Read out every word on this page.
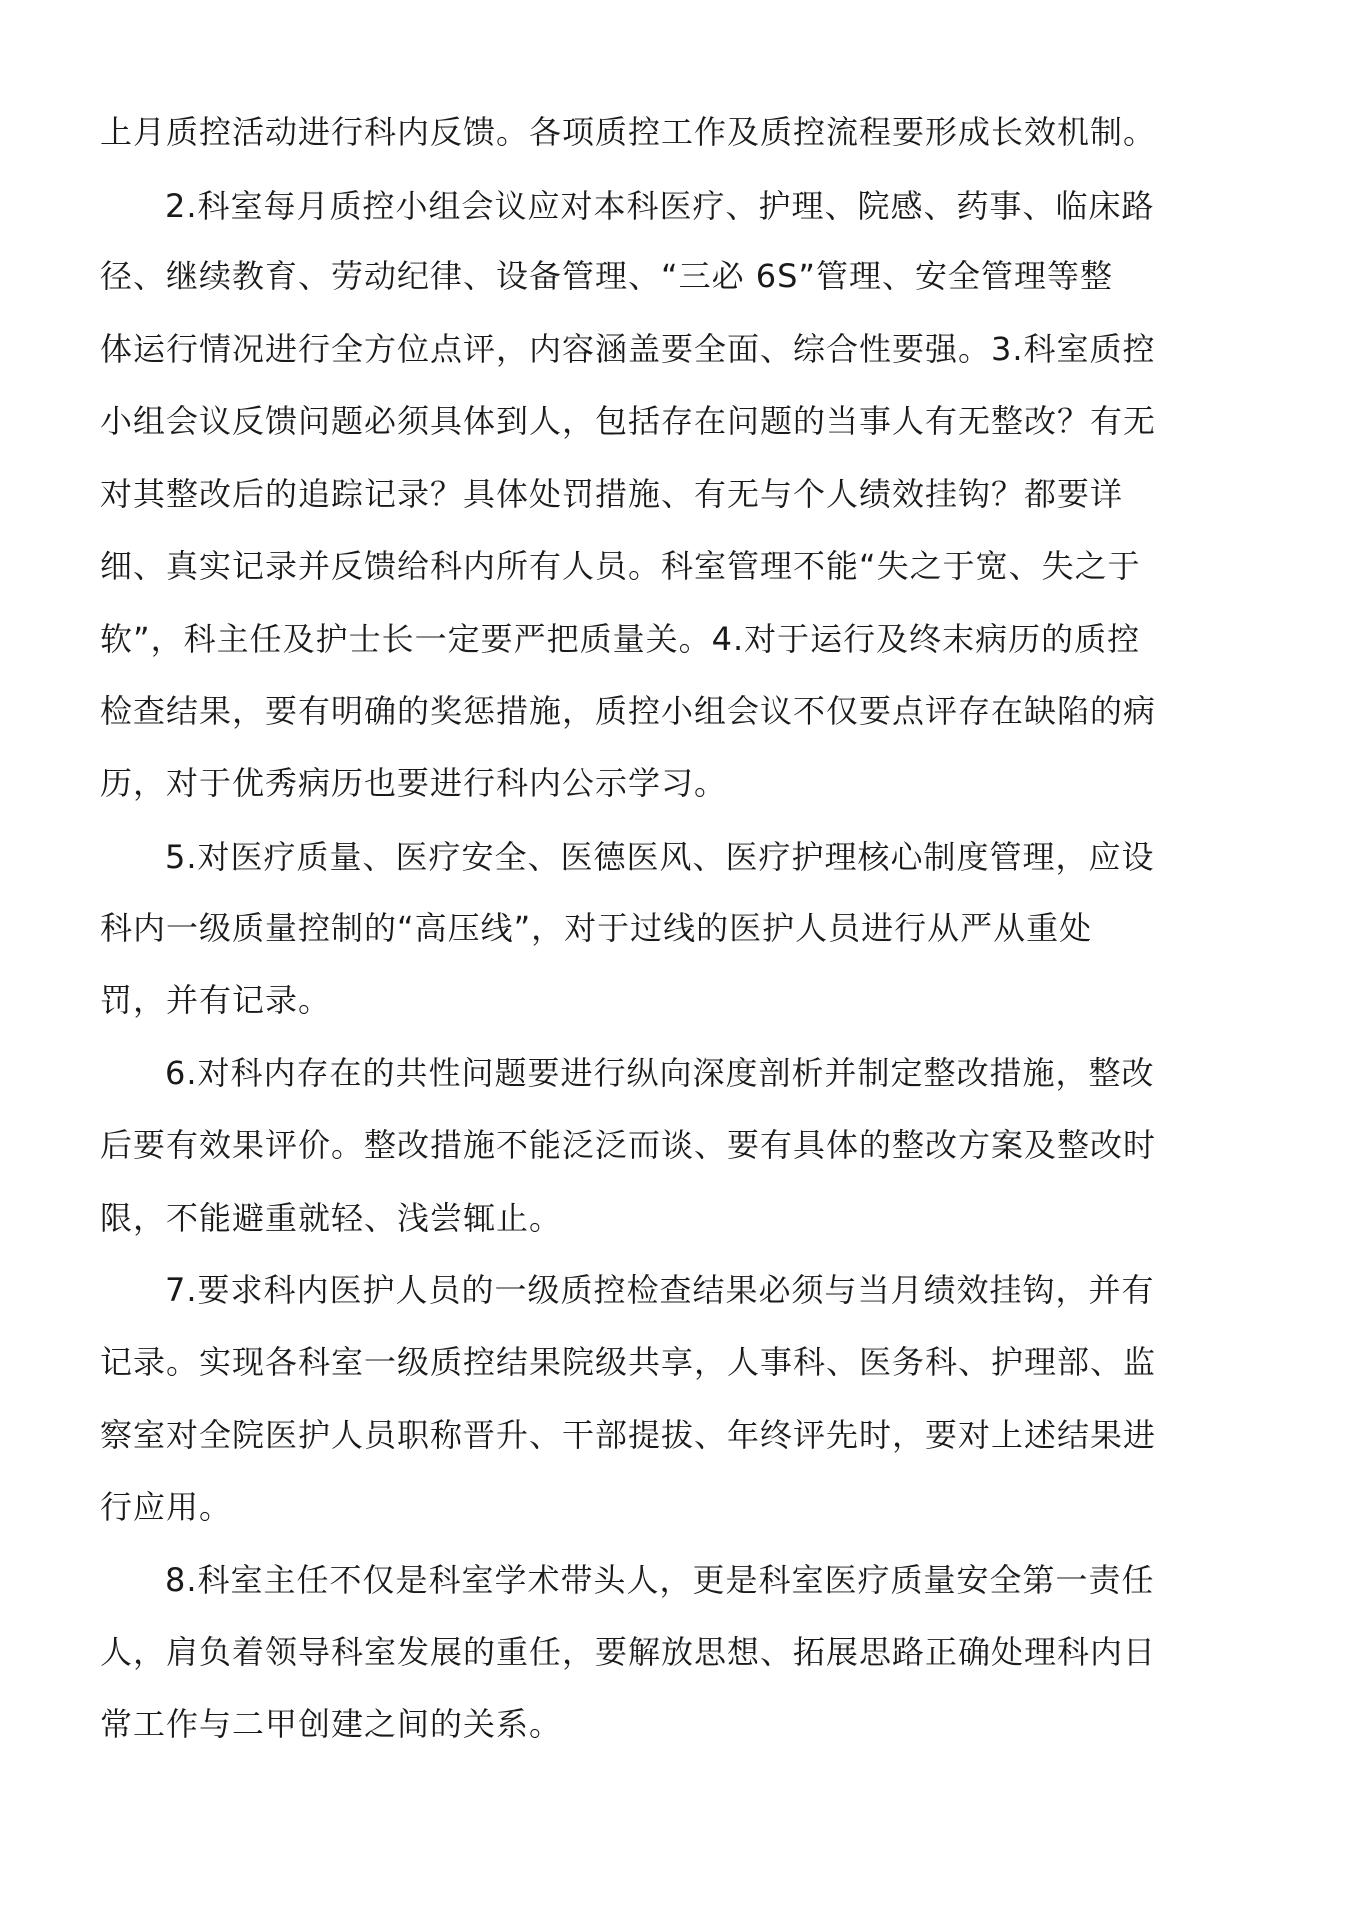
上月质控活动进行科内反馈。各项质控工作及质控流程要形成长效机制。
2.科室每月质控小组会议应对本科医疗、护理、院感、药事、临床路
径、继续教育、劳动纪律、设备管理、“三必 6S”管理、安全管理等整
体运行情况进行全方位点评，内容涵盖要全面、综合性要强。3.科室质控
小组会议反馈问题必须具体到人，包括存在问题的当事人有无整改？有无
对其整改后的追踪记录？具体处罚措施、有无与个人绩效挂钩？都要详
细、真实记录并反馈给科内所有人员。科室管理不能“失之于宽、失之于
软”，科主任及护士长一定要严把质量关。4.对于运行及终末病历的质控
检查结果，要有明确的奖惩措施，质控小组会议不仅要点评存在缺陷的病
历，对于优秀病历也要进行科内公示学习。
5.对医疗质量、医疗安全、医德医风、医疗护理核心制度管理，应设
科内一级质量控制的“高压线”，对于过线的医护人员进行从严从重处
罚，并有记录。
6.对科内存在的共性问题要进行纵向深度剖析并制定整改措施，整改
后要有效果评价。整改措施不能泛泛而谈、要有具体的整改方案及整改时
限，不能避重就轻、浅尝辄止。
7.要求科内医护人员的一级质控检查结果必须与当月绩效挂钩，并有
记录。实现各科室一级质控结果院级共享，人事科、医务科、护理部、监
察室对全院医护人员职称晋升、干部提拔、年终评先时，要对上述结果进
行应用。
8.科室主任不仅是科室学术带头人，更是科室医疗质量安全第一责任
人，肩负着领导科室发展的重任，要解放思想、拓展思路正确处理科内日
常工作与二甲创建之间的关系。
